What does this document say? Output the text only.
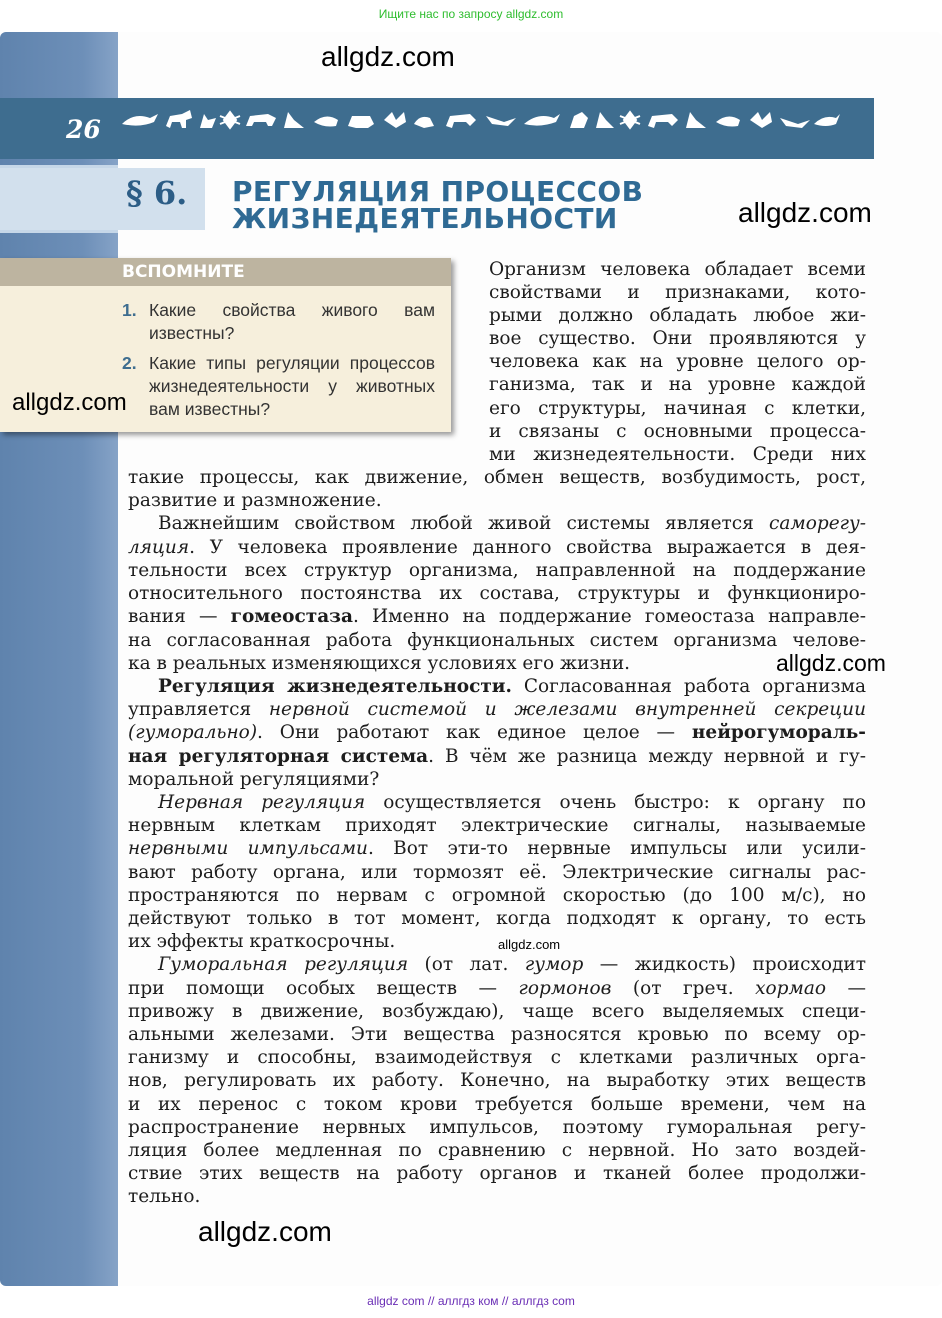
Ищите нас по запросу allgdz.com
26
§ 6. РЕГУЛЯЦИЯ ПРОЦЕССОВ
ЖИЗНЕДЕЯТЕЛЬНОСТИ
ВСПОМНИТЕ
1. Какие свойства живого вам известны?
2. Какие типы регуляции процессов жизнедеятельности у животных вам известны?
allgdz.com
allgdz.com
allgdz.com
allgdz.com
allgdz.com
allgdz.com
Организм человека обладает всеми
свойствами и признаками, кото-
рыми должно обладать любое жи-
вое существо. Они проявляются у
человека как на уровне целого ор-
ганизма, так и на уровне каждой
его структуры, начиная с клетки,
и связаны с основными процесса-
ми жизнедеятельности. Среди них
такие процессы, как движение, обмен веществ, возбудимость, рост,
развитие и размножение.
Важнейшим свойством любой живой системы является саморегу-
ляция. У человека проявление данного свойства выражается в дея-
тельности всех структур организма, направленной на поддержание
относительного постоянства их состава, структуры и функциониро-
вания — гомеостаза. Именно на поддержание гомеостаза направле-
на согласованная работа функциональных систем организма челове-
ка в реальных изменяющихся условиях его жизни.
Регуляция жизнедеятельности. Согласованная работа организма
управляется нервной системой и железами внутренней секреции
(гуморально). Они работают как единое целое — нейрогумораль-
ная регуляторная система. В чём же разница между нервной и гу-
моральной регуляциями?
Нервная регуляция осуществляется очень быстро: к органу по
нервным клеткам приходят электрические сигналы, называемые
нервными импульсами. Вот эти-то нервные импульсы или усили-
вают работу органа, или тормозят её. Электрические сигналы рас-
пространяются по нервам с огромной скоростью (до 100 м/с), но
действуют только в тот момент, когда подходят к органу, то есть
их эффекты краткосрочны.
Гуморальная регуляция (от лат. гумор — жидкость) происходит
при помощи особых веществ — гормонов (от греч. хормао —
привожу в движение, возбуждаю), чаще всего выделяемых специ-
альными железами. Эти вещества разносятся кровью по всему ор-
ганизму и способны, взаимодействуя с клетками различных орга-
нов, регулировать их работу. Конечно, на выработку этих веществ
и их перенос с током крови требуется больше времени, чем на
распространение нервных импульсов, поэтому гуморальная регу-
ляция более медленная по сравнению с нервной. Но зато воздей-
ствие этих веществ на работу органов и тканей более продолжи-
тельно.
allgdz com // аллгдз ком // аллгдз com
